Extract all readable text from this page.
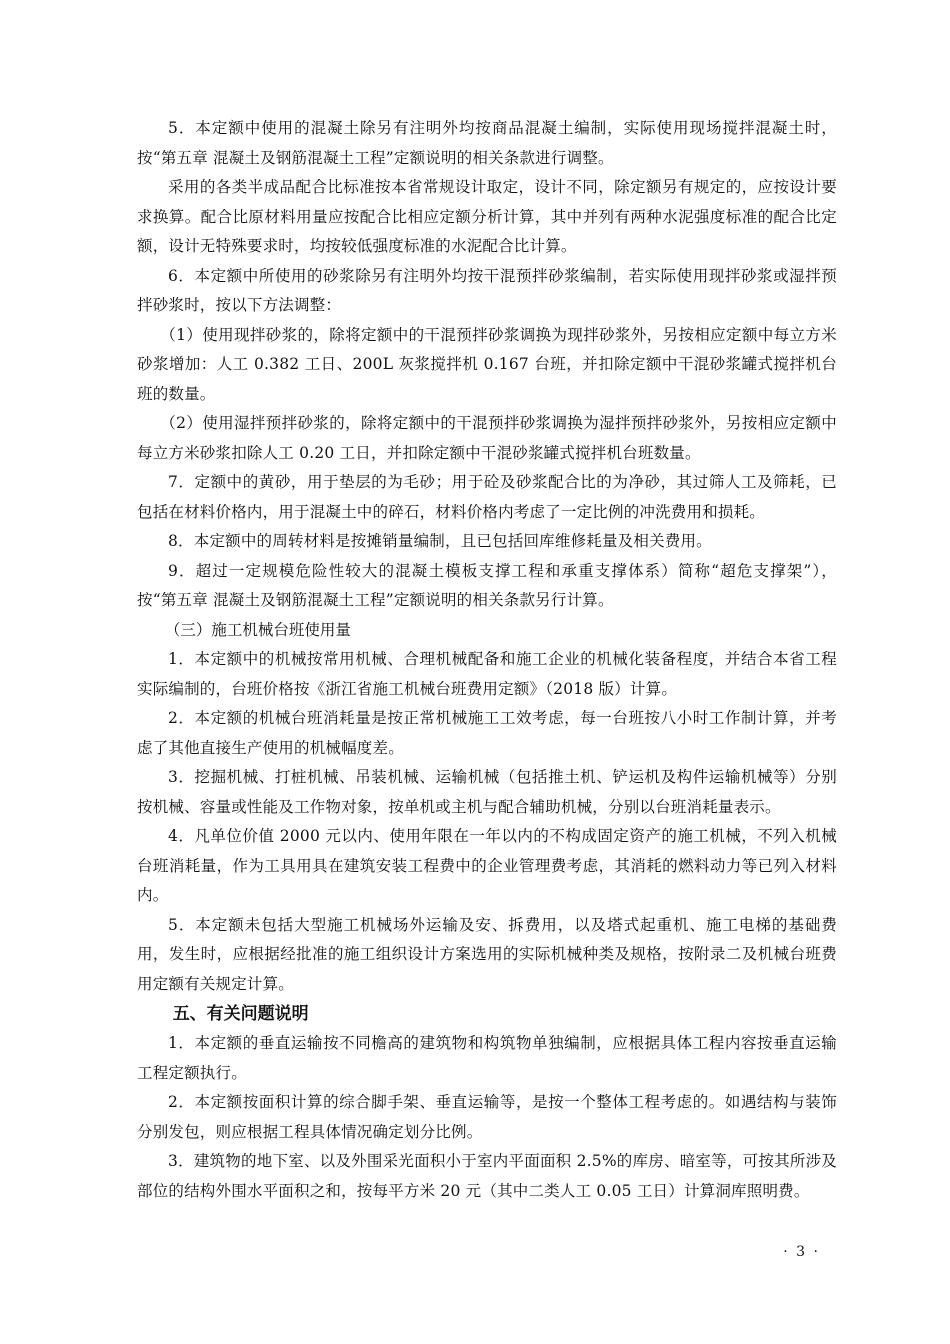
5．本定额中使用的混凝土除另有注明外均按商品混凝土编制，实际使用现场搅拌混凝土时，按“第五章 混凝土及钢筋混凝土工程”定额说明的相关条款进行调整。

采用的各类半成品配合比标准按本省常规设计取定，设计不同，除定额另有规定的，应按设计要求换算。配合比原材料用量应按配合比相应定额分析计算，其中并列有两种水泥强度标准的配合比定额，设计无特殊要求时，均按较低强度标准的水泥配合比计算。

6．本定额中所使用的砂浆除另有注明外均按干混预拌砂浆编制，若实际使用现拌砂浆或湿拌预拌砂浆时，按以下方法调整：

（1）使用现拌砂浆的，除将定额中的干混预拌砂浆调换为现拌砂浆外，另按相应定额中每立方米砂浆增加：人工 0.382 工日、200L 灰浆搅拌机 0.167 台班，并扣除定额中干混砂浆罐式搅拌机台班的数量。

（2）使用湿拌预拌砂浆的，除将定额中的干混预拌砂浆调换为湿拌预拌砂浆外，另按相应定额中每立方米砂浆扣除人工 0.20 工日，并扣除定额中干混砂浆罐式搅拌机台班数量。

7．定额中的黄砂，用于垫层的为毛砂；用于砼及砂浆配合比的为净砂，其过筛人工及筛耗，已包括在材料价格内，用于混凝土中的碎石，材料价格内考虑了一定比例的冲洗费用和损耗。

8．本定额中的周转材料是按摊销量编制，且已包括回库维修耗量及相关费用。

9．超过一定规模危险性较大的混凝土模板支撑工程和承重支撑体系）简称“超危支撑架”），按“第五章 混凝土及钢筋混凝土工程”定额说明的相关条款另行计算。

（三）施工机械台班使用量

1．本定额中的机械按常用机械、合理机械配备和施工企业的机械化装备程度，并结合本省工程实际编制的，台班价格按《浙江省施工机械台班费用定额》（2018 版）计算。

2．本定额的机械台班消耗量是按正常机械施工工效考虑，每一台班按八小时工作制计算，并考虑了其他直接生产使用的机械幅度差。

3．挖掘机械、打桩机械、吊装机械、运输机械（包括推土机、铲运机及构件运输机械等）分别按机械、容量或性能及工作物对象，按单机或主机与配合辅助机械，分别以台班消耗量表示。

4．凡单位价值 2000 元以内、使用年限在一年以内的不构成固定资产的施工机械，不列入机械台班消耗量，作为工具用具在建筑安装工程费中的企业管理费考虑，其消耗的燃料动力等已列入材料内。

5．本定额未包括大型施工机械场外运输及安、拆费用，以及塔式起重机、施工电梯的基础费用，发生时，应根据经批准的施工组织设计方案选用的实际机械种类及规格，按附录二及机械台班费用定额有关规定计算。

五、有关问题说明

1．本定额的垂直运输按不同檐高的建筑物和构筑物单独编制，应根据具体工程内容按垂直运输工程定额执行。

2．本定额按面积计算的综合脚手架、垂直运输等，是按一个整体工程考虑的。如遇结构与装饰分别发包，则应根据工程具体情况确定划分比例。

3．建筑物的地下室、以及外围采光面积小于室内平面面积 2.5%的库房、暗室等，可按其所涉及部位的结构外围水平面积之和，按每平方米 20 元（其中二类人工 0.05 工日）计算洞库照明费。

· 3 ·
